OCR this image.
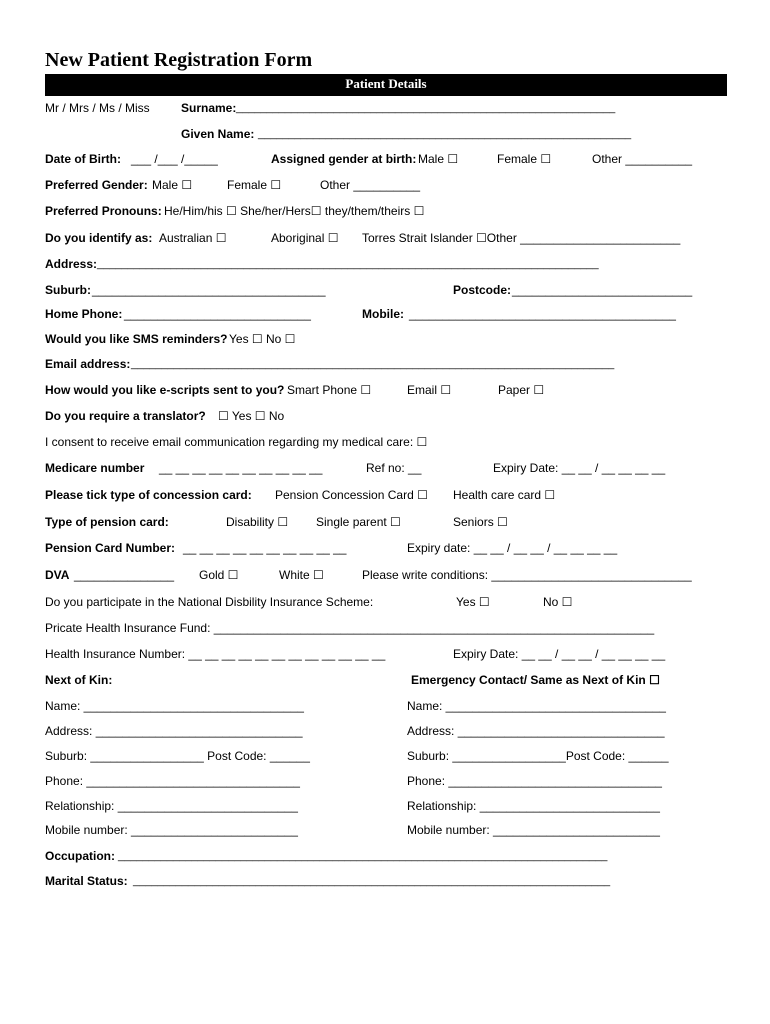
New Patient Registration Form
Patient Details
Mr / Mrs / Ms / Miss	Surname: ______________________________________________________________
Given Name: _____________________________________________________________
Date of Birth: ___ /___ /_____	Assigned gender at birth: Male ☐	Female ☐	Other __________
Preferred Gender: Male ☐	Female ☐	Other __________
Preferred Pronouns: He/Him/his ☐ She/her/Hers☐ they/them/theirs ☐
Do you identify as: Australian ☐	Aboriginal ☐ Torres Strait Islander ☐Other ________________________
Address: __________________________________________________________________________________
Suburb: ___________________________________	Postcode: ___________________________
Home Phone: ____________________________	Mobile: ________________________________________
Would you like SMS reminders? Yes ☐ No ☐
Email address: _______________________________________________________________________________
How would you like e-scripts sent to you? Smart Phone ☐	Email ☐	Paper ☐
Do you require a translator? ☐ Yes ☐ No
I consent to receive email communication regarding my medical care: ☐
Medicare number __ __ __ __ __ __ __ __ __ __	Ref no: __	Expiry Date: __ __ / __ __ __ __
Please tick type of concession card: Pension Concession Card ☐ Health care card ☐
Type of pension card:	Disability ☐ Single parent ☐	Seniors ☐
Pension Card Number: __ __ __ __ __ __ __ __ __ __	Expiry date: __ __ / __ __ / __ __ __ __
DVA _______________ Gold ☐	White ☐	Please write conditions: ______________________________
Do you participate in the National Disbility Insurance Scheme:	Yes ☐	No ☐
Pricate Health Insurance Fund: __________________________________________________________________
Health Insurance Number: __ __ __ __ __ __ __ __ __ __ __ __	Expiry Date: __ __ / __ __ / __ __ __ __
Next of Kin:	Emergency Contact/ Same as Next of Kin ☐
Name: _________________________________	Name: _________________________________
Address: _______________________________	Address: _______________________________
Suburb: _________________ Post Code: ______	Suburb: _________________Post Code: ______
Phone: ________________________________	Phone: ________________________________
Relationship: ___________________________	Relationship: ___________________________
Mobile number: _________________________	Mobile number: _________________________
Occupation: ________________________________________________________________________________
Marital Status: ______________________________________________________________________________
